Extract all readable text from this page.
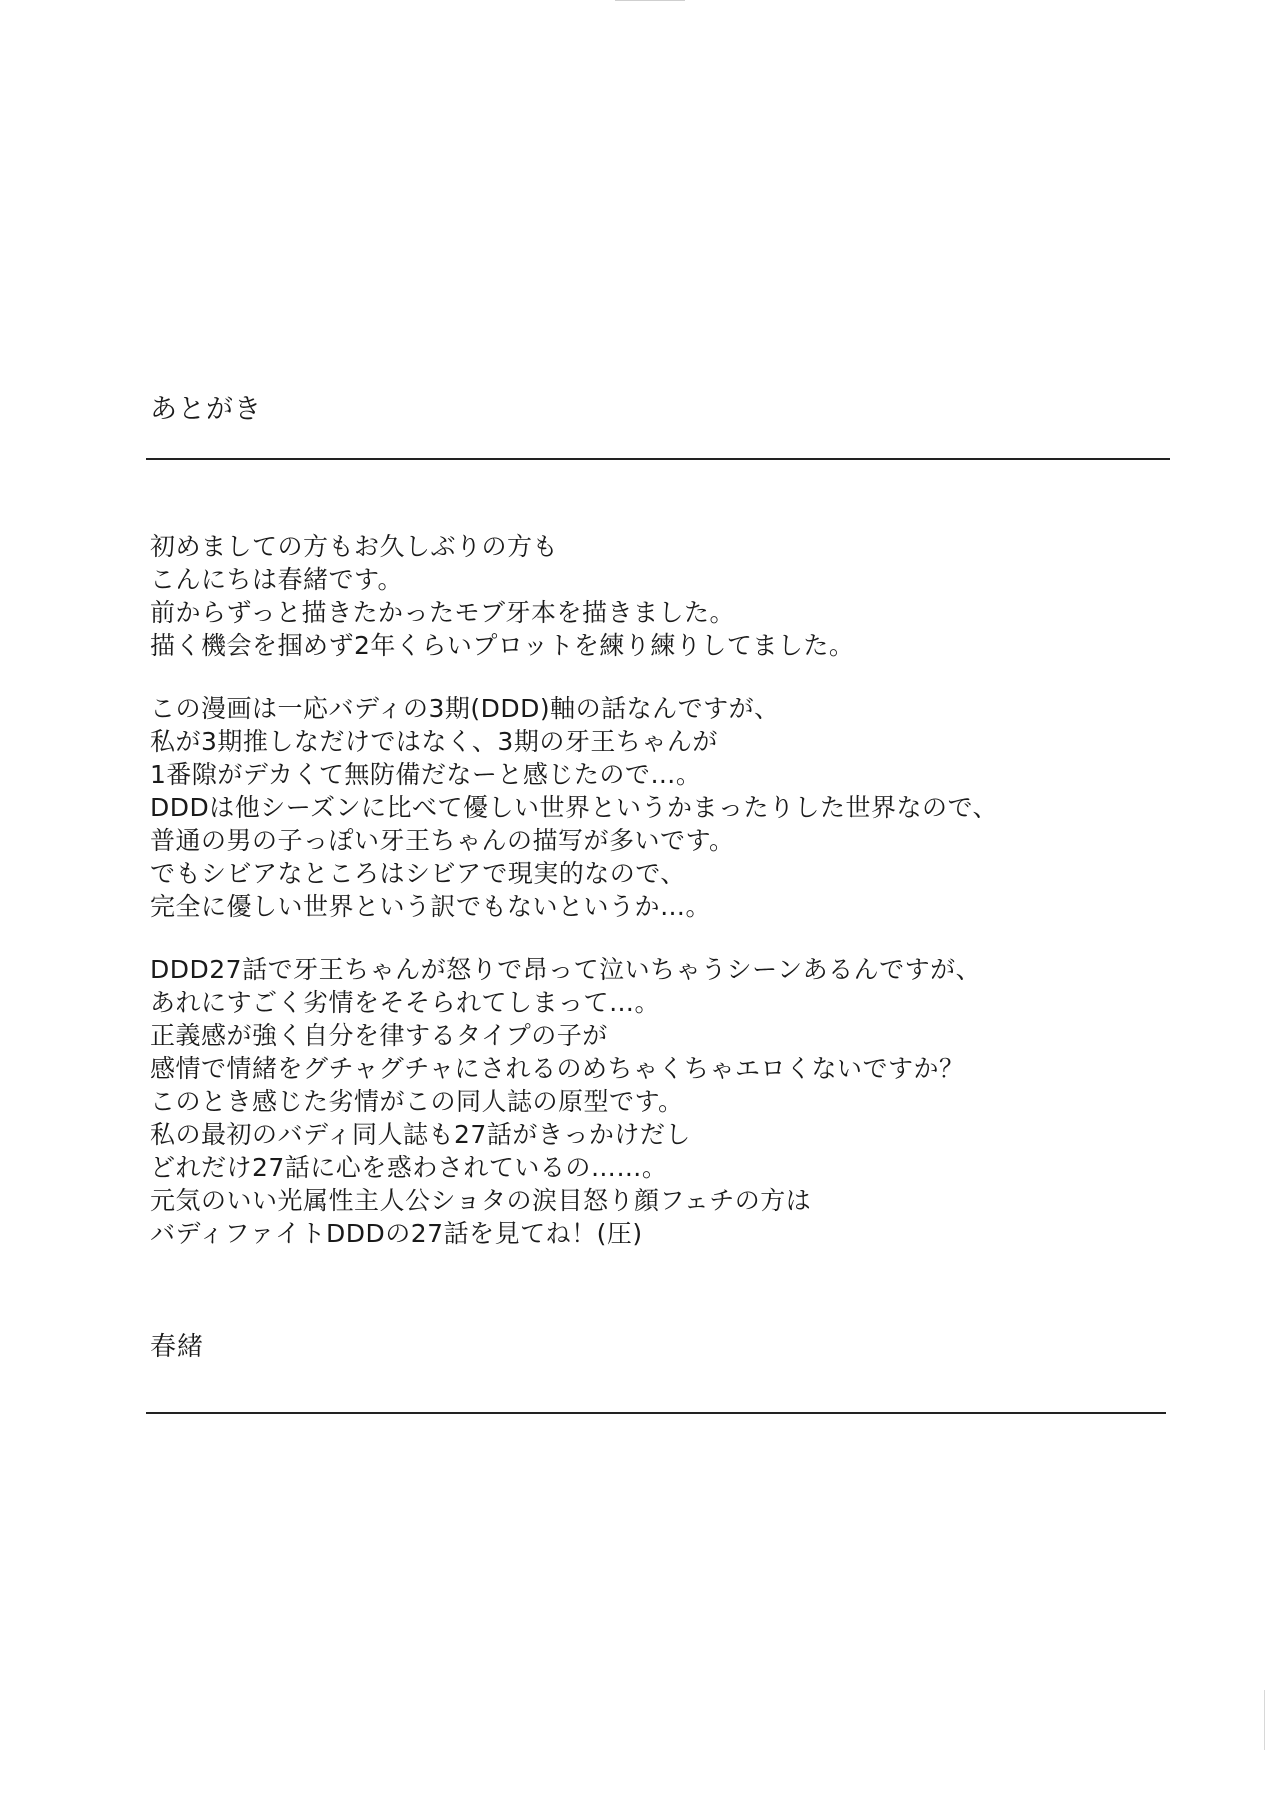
あとがき
初めましての方もお久しぶりの方も
こんにちは春緒です。
前からずっと描きたかったモブ牙本を描きました。
描く機会を掴めず2年くらいプロットを練り練りしてました。
この漫画は一応バディの3期(DDD)軸の話なんですが、
私が3期推しなだけではなく、3期の牙王ちゃんが
1番隙がデカくて無防備だなーと感じたので…。
DDDは他シーズンに比べて優しい世界というかまったりした世界なので、
普通の男の子っぽい牙王ちゃんの描写が多いです。
でもシビアなところはシビアで現実的なので、
完全に優しい世界という訳でもないというか…。
DDD27話で牙王ちゃんが怒りで昂って泣いちゃうシーンあるんですが、
あれにすごく劣情をそそられてしまって…。
正義感が強く自分を律するタイプの子が
感情で情緒をグチャグチャにされるのめちゃくちゃエロくないですか？
このとき感じた劣情がこの同人誌の原型です。
私の最初のバディ同人誌も27話がきっかけだし
どれだけ27話に心を惑わされているの……。
元気のいい光属性主人公ショタの涙目怒り顔フェチの方は
バディファイトDDDの27話を見てね！(圧)
春緒
